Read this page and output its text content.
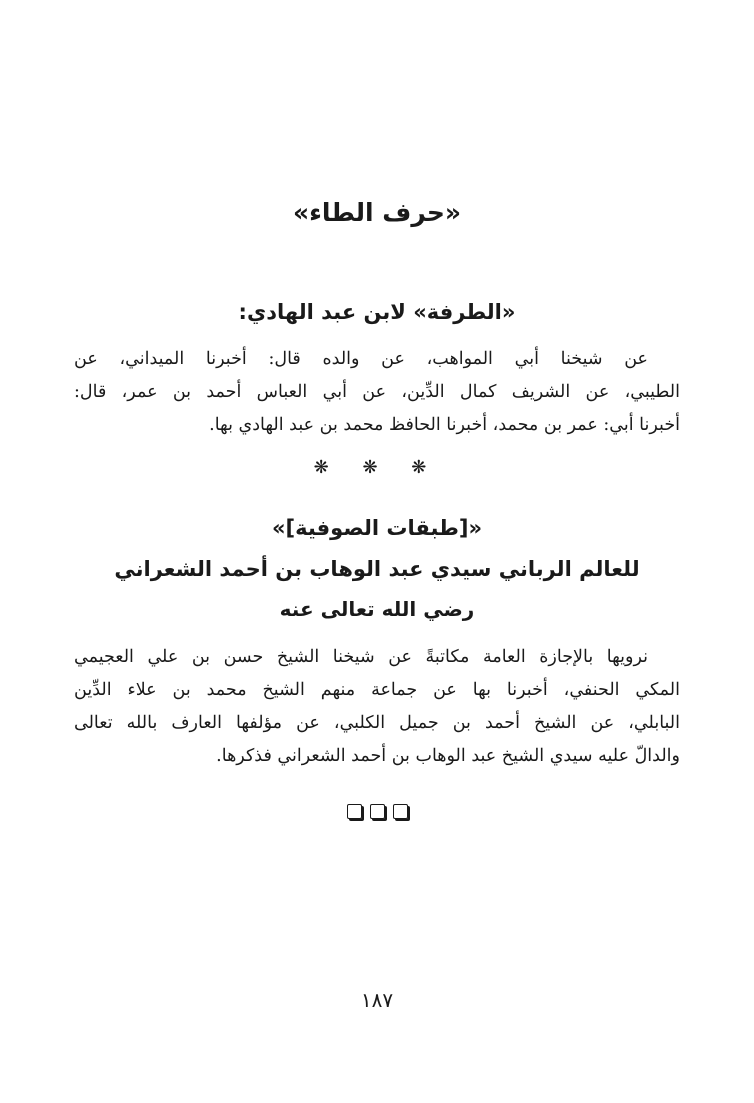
«حرف الطاء»
«الطرفة» لابن عبد الهادي:
عن شيخنا أبي المواهب، عن والده قال: أخبرنا الميداني، عن
الطيبي، عن الشريف كمال الدِّين، عن أبي العباس أحمد بن عمر، قال:
أخبرنا أبي: عمر بن محمد، أخبرنا الحافظ محمد بن عبد الهادي بها.
❋ ❋ ❋
«[طبقات الصوفية]»
للعالم الرباني سيدي عبد الوهاب بن أحمد الشعراني
رضي الله تعالى عنه
نرويها بالإجازة العامة مكاتبةً عن شيخنا الشيخ حسن بن علي العجيمي
المكي الحنفي، أخبرنا بها عن جماعة منهم الشيخ محمد بن علاء الدِّين
البابلي، عن الشيخ أحمد بن جميل الكلبي، عن مؤلفها العارف بالله تعالى
والدالّ عليه سيدي الشيخ عبد الوهاب بن أحمد الشعراني فذكرها.

١٨٧
